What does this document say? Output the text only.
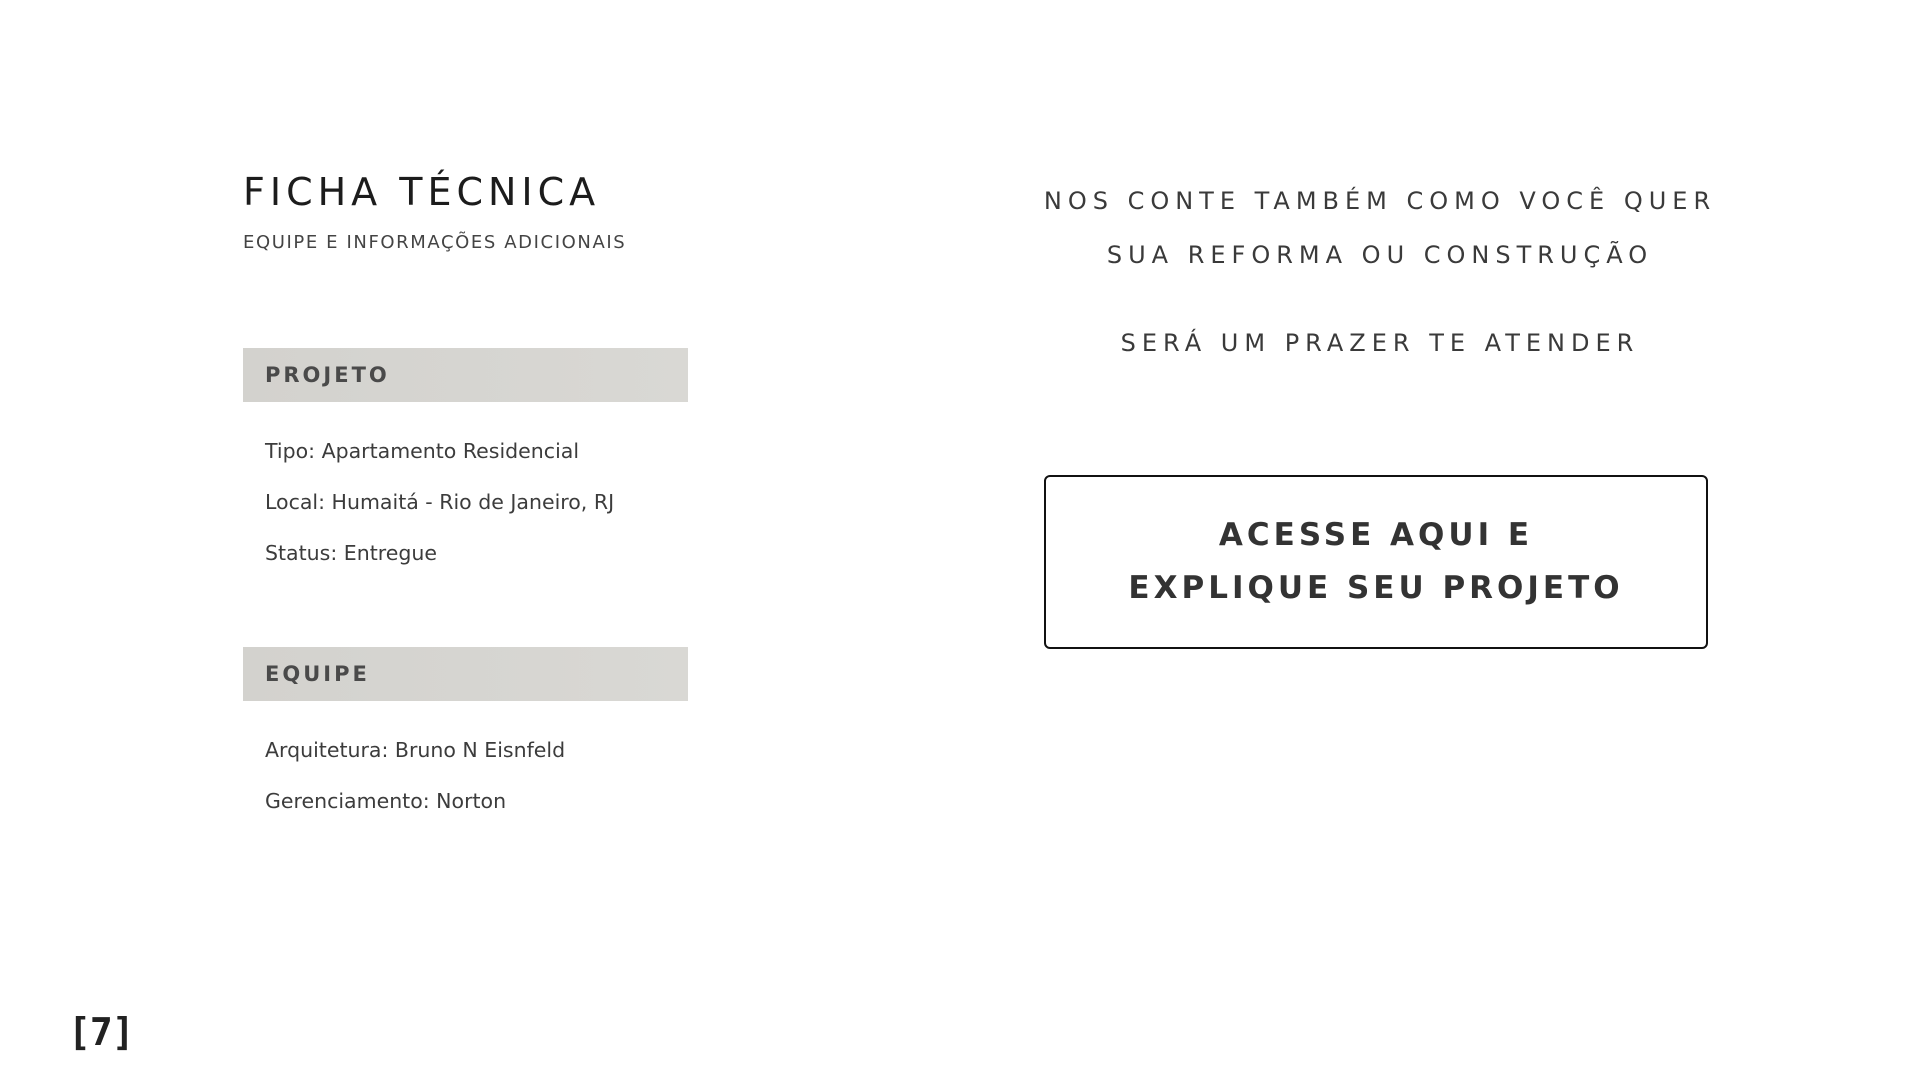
FICHA TÉCNICA
EQUIPE E INFORMAÇÕES ADICIONAIS
PROJETO
Tipo: Apartamento Residencial
Local: Humaitá - Rio de Janeiro, RJ
Status: Entregue
EQUIPE
Arquitetura: Bruno N Eisnfeld
Gerenciamento: Norton
NOS CONTE TAMBÉM COMO VOCÊ QUER
SUA REFORMA OU CONSTRUÇÃO
SERÁ UM PRAZER TE ATENDER
ACESSE AQUI E
EXPLIQUE SEU PROJETO
[7]
